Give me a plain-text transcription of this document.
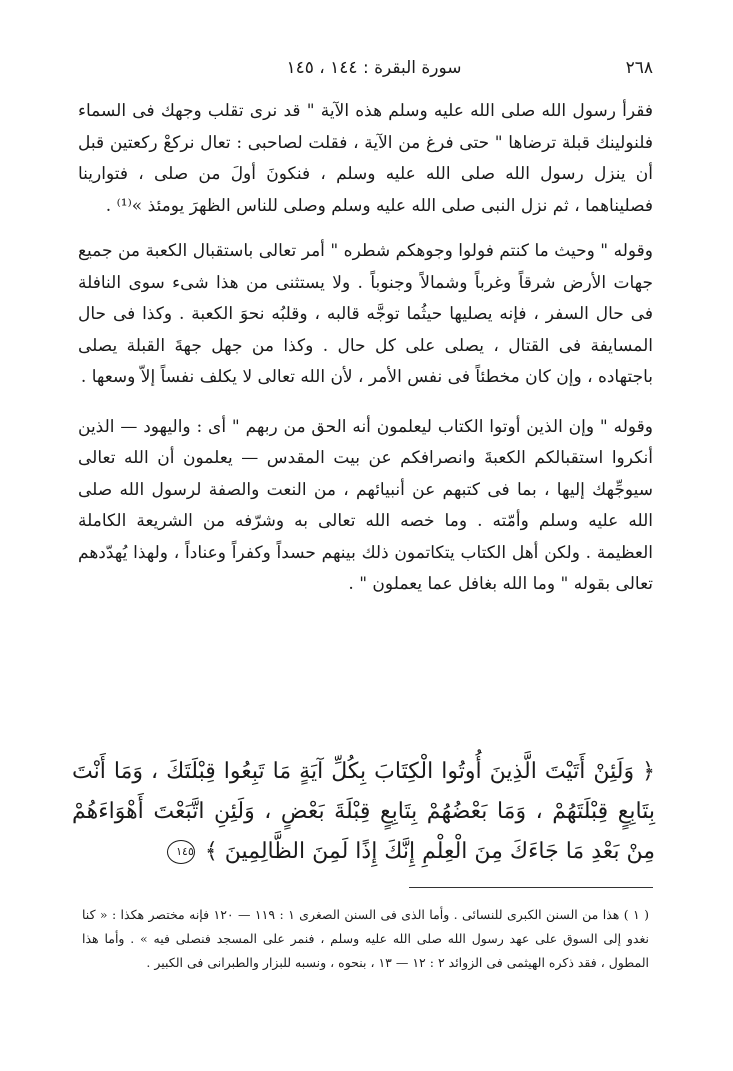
٢٦٨
سورة البقرة : ١٤٤ ، ١٤٥

فقرأ رسول الله صلى الله عليه وسلم هذه الآية " قد نرى تقلب وجهك فى السماء فلنولينك قبلة ترضاها " حتى فرغ من الآية ، فقلت لصاحبى : تعال نركعْ ركعتين قبل أن ينزل رسول الله صلى الله عليه وسلم ، فنكونَ أولَ من صلى ، فتوارينا فصليناهما ، ثم نزل النبى صلى الله عليه وسلم وصلى للناس الظهرَ يومئذ »⁽¹⁾ .

وقوله " وحيث ما كنتم فولوا وجوهكم شطره " أمر تعالى باستقبال الكعبة من جميع جهات الأرض شرقاً وغرباً وشمالاً وجنوباً . ولا يستثنى من هذا شىء سوى النافلة فى حال السفر ، فإنه يصليها حيثُما توجَّه قالبه ، وقلبُه نحوَ الكعبة . وكذا فى حال المسايفة فى القتال ، يصلى على كل حال . وكذا من جهل جهةَ القبلة يصلى باجتهاده ، وإن كان مخطئاً فى نفس الأمر ، لأن الله تعالى لا يكلف نفساً إلاّ وسعها .

وقوله " وإن الذين أوتوا الكتاب ليعلمون أنه الحق من ربهم " أى : واليهود — الذين أنكروا استقبالكم الكعبةَ وانصرافكم عن بيت المقدس — يعلمون أن الله تعالى سيوجِّهك إليها ، بما فى كتبهم عن أنبيائهم ، من النعت والصفة لرسول الله صلى الله عليه وسلم وأمّته . وما خصه الله تعالى به وشرّفه من الشريعة الكاملة العظيمة . ولكن أهل الكتاب يتكاتمون ذلك بينهم حسداً وكفراً وعناداً ، ولهذا يُهدّدهم تعالى بقوله " وما الله بغافل عما يعملون " .

﴿ وَلَئِنْ أَتَيْتَ الَّذِينَ أُوتُوا الْكِتَابَ بِكُلِّ آيَةٍ مَا تَبِعُوا قِبْلَتَكَ ، وَمَا أَنْتَ بِتَابِعٍ قِبْلَتَهُمْ ، وَمَا بَعْضُهُمْ بِتَابِعٍ قِبْلَةَ بَعْضٍ ، وَلَئِنِ اتَّبَعْتَ أَهْوَاءَهُمْ مِنْ بَعْدِ مَا جَاءَكَ مِنَ الْعِلْمِ إِنَّكَ إِذًا لَمِنَ الظَّالِمِينَ ﴾ ١٤٥
( ١ ) هذا من السنن الكبرى للنسائى . وأما الذى فى السنن الصغرى ١ : ١١٩ — ١٢٠ فإنه مختصر هكذا : « كنا نغدو إلى السوق على عهد رسول الله صلى الله عليه وسلم ، فنمر على المسجد فنصلى فيه » . وأما هذا المطول ، فقد ذكره الهيثمى فى الزوائد ٢ : ١٢ — ١٣ ، بنحوه ، ونسبه للبزار والطبرانى فى الكبير .
